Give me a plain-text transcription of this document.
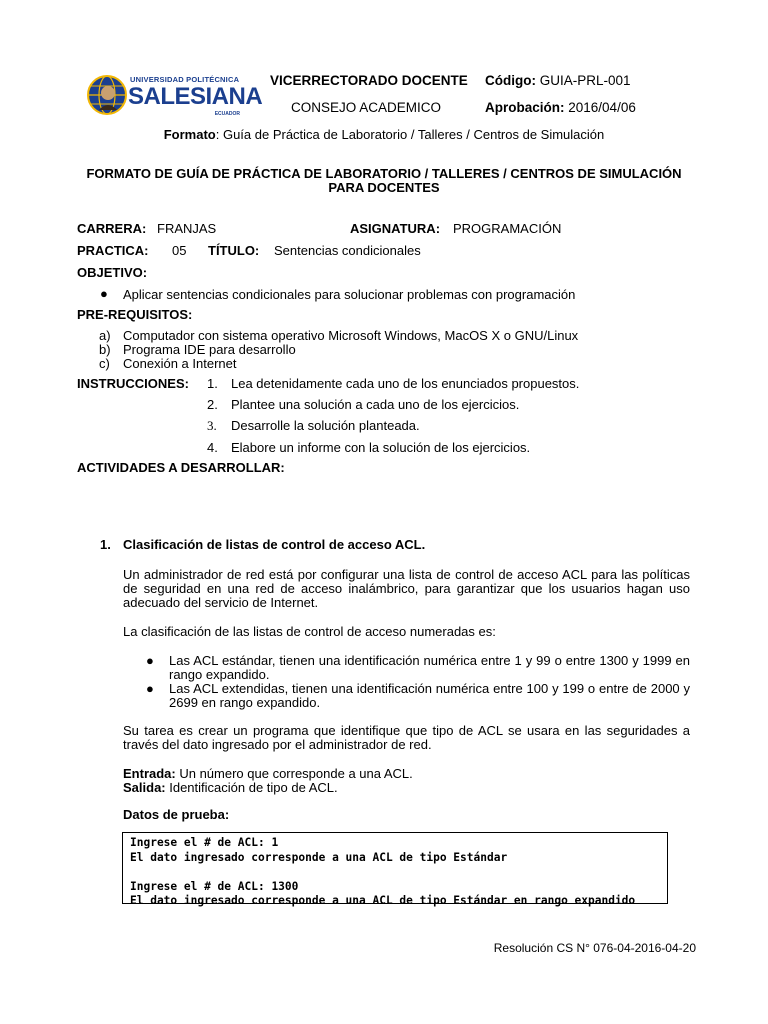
UNIVERSIDAD POLITÉCNICA
SALESIANA
ECUADOR
VICERRECTORADO DOCENTE
CONSEJO ACADEMICO
Código: GUIA-PRL-001
Aprobación: 2016/04/06
Formato: Guía de Práctica de Laboratorio / Talleres / Centros de Simulación
FORMATO DE GUÍA DE PRÁCTICA DE LABORATORIO / TALLERES / CENTROS DE SIMULACIÓN
PARA DOCENTES
CARRERA: FRANJAS	ASIGNATURA: PROGRAMACIÓN
PRACTICA: 05 TÍTULO: Sentencias condicionales
OBJETIVO:
● Aplicar sentencias condicionales para solucionar problemas con programación
PRE-REQUISITOS:
a) Computador con sistema operativo Microsoft Windows, MacOS X o GNU/Linux
b) Programa IDE para desarrollo
c) Conexión a Internet
INSTRUCCIONES: 1. Lea detenidamente cada uno de los enunciados propuestos.
2. Plantee una solución a cada uno de los ejercicios.
3. Desarrolle la solución planteada.
4. Elabore un informe con la solución de los ejercicios.
ACTIVIDADES A DESARROLLAR:
1. Clasificación de listas de control de acceso ACL.
Un administrador de red está por configurar una lista de control de acceso ACL para las políticas de seguridad en una red de acceso inalámbrico, para garantizar que los usuarios hagan uso adecuado del servicio de Internet.
La clasificación de las listas de control de acceso numeradas es:
● Las ACL estándar, tienen una identificación numérica entre 1 y 99 o entre 1300 y 1999 en rango expandido.
● Las ACL extendidas, tienen una identificación numérica entre 100 y 199 o entre de 2000 y 2699 en rango expandido.
Su tarea es crear un programa que identifique que tipo de ACL se usara en las seguridades a través del dato ingresado por el administrador de red.
Entrada: Un número que corresponde a una ACL.
Salida: Identificación de tipo de ACL.
Datos de prueba:
Ingrese el # de ACL: 1
El dato ingresado corresponde a una ACL de tipo Estándar
Ingrese el # de ACL: 1300
El dato ingresado corresponde a una ACL de tipo Estándar en rango expandido
Resolución CS N° 076-04-2016-04-20
